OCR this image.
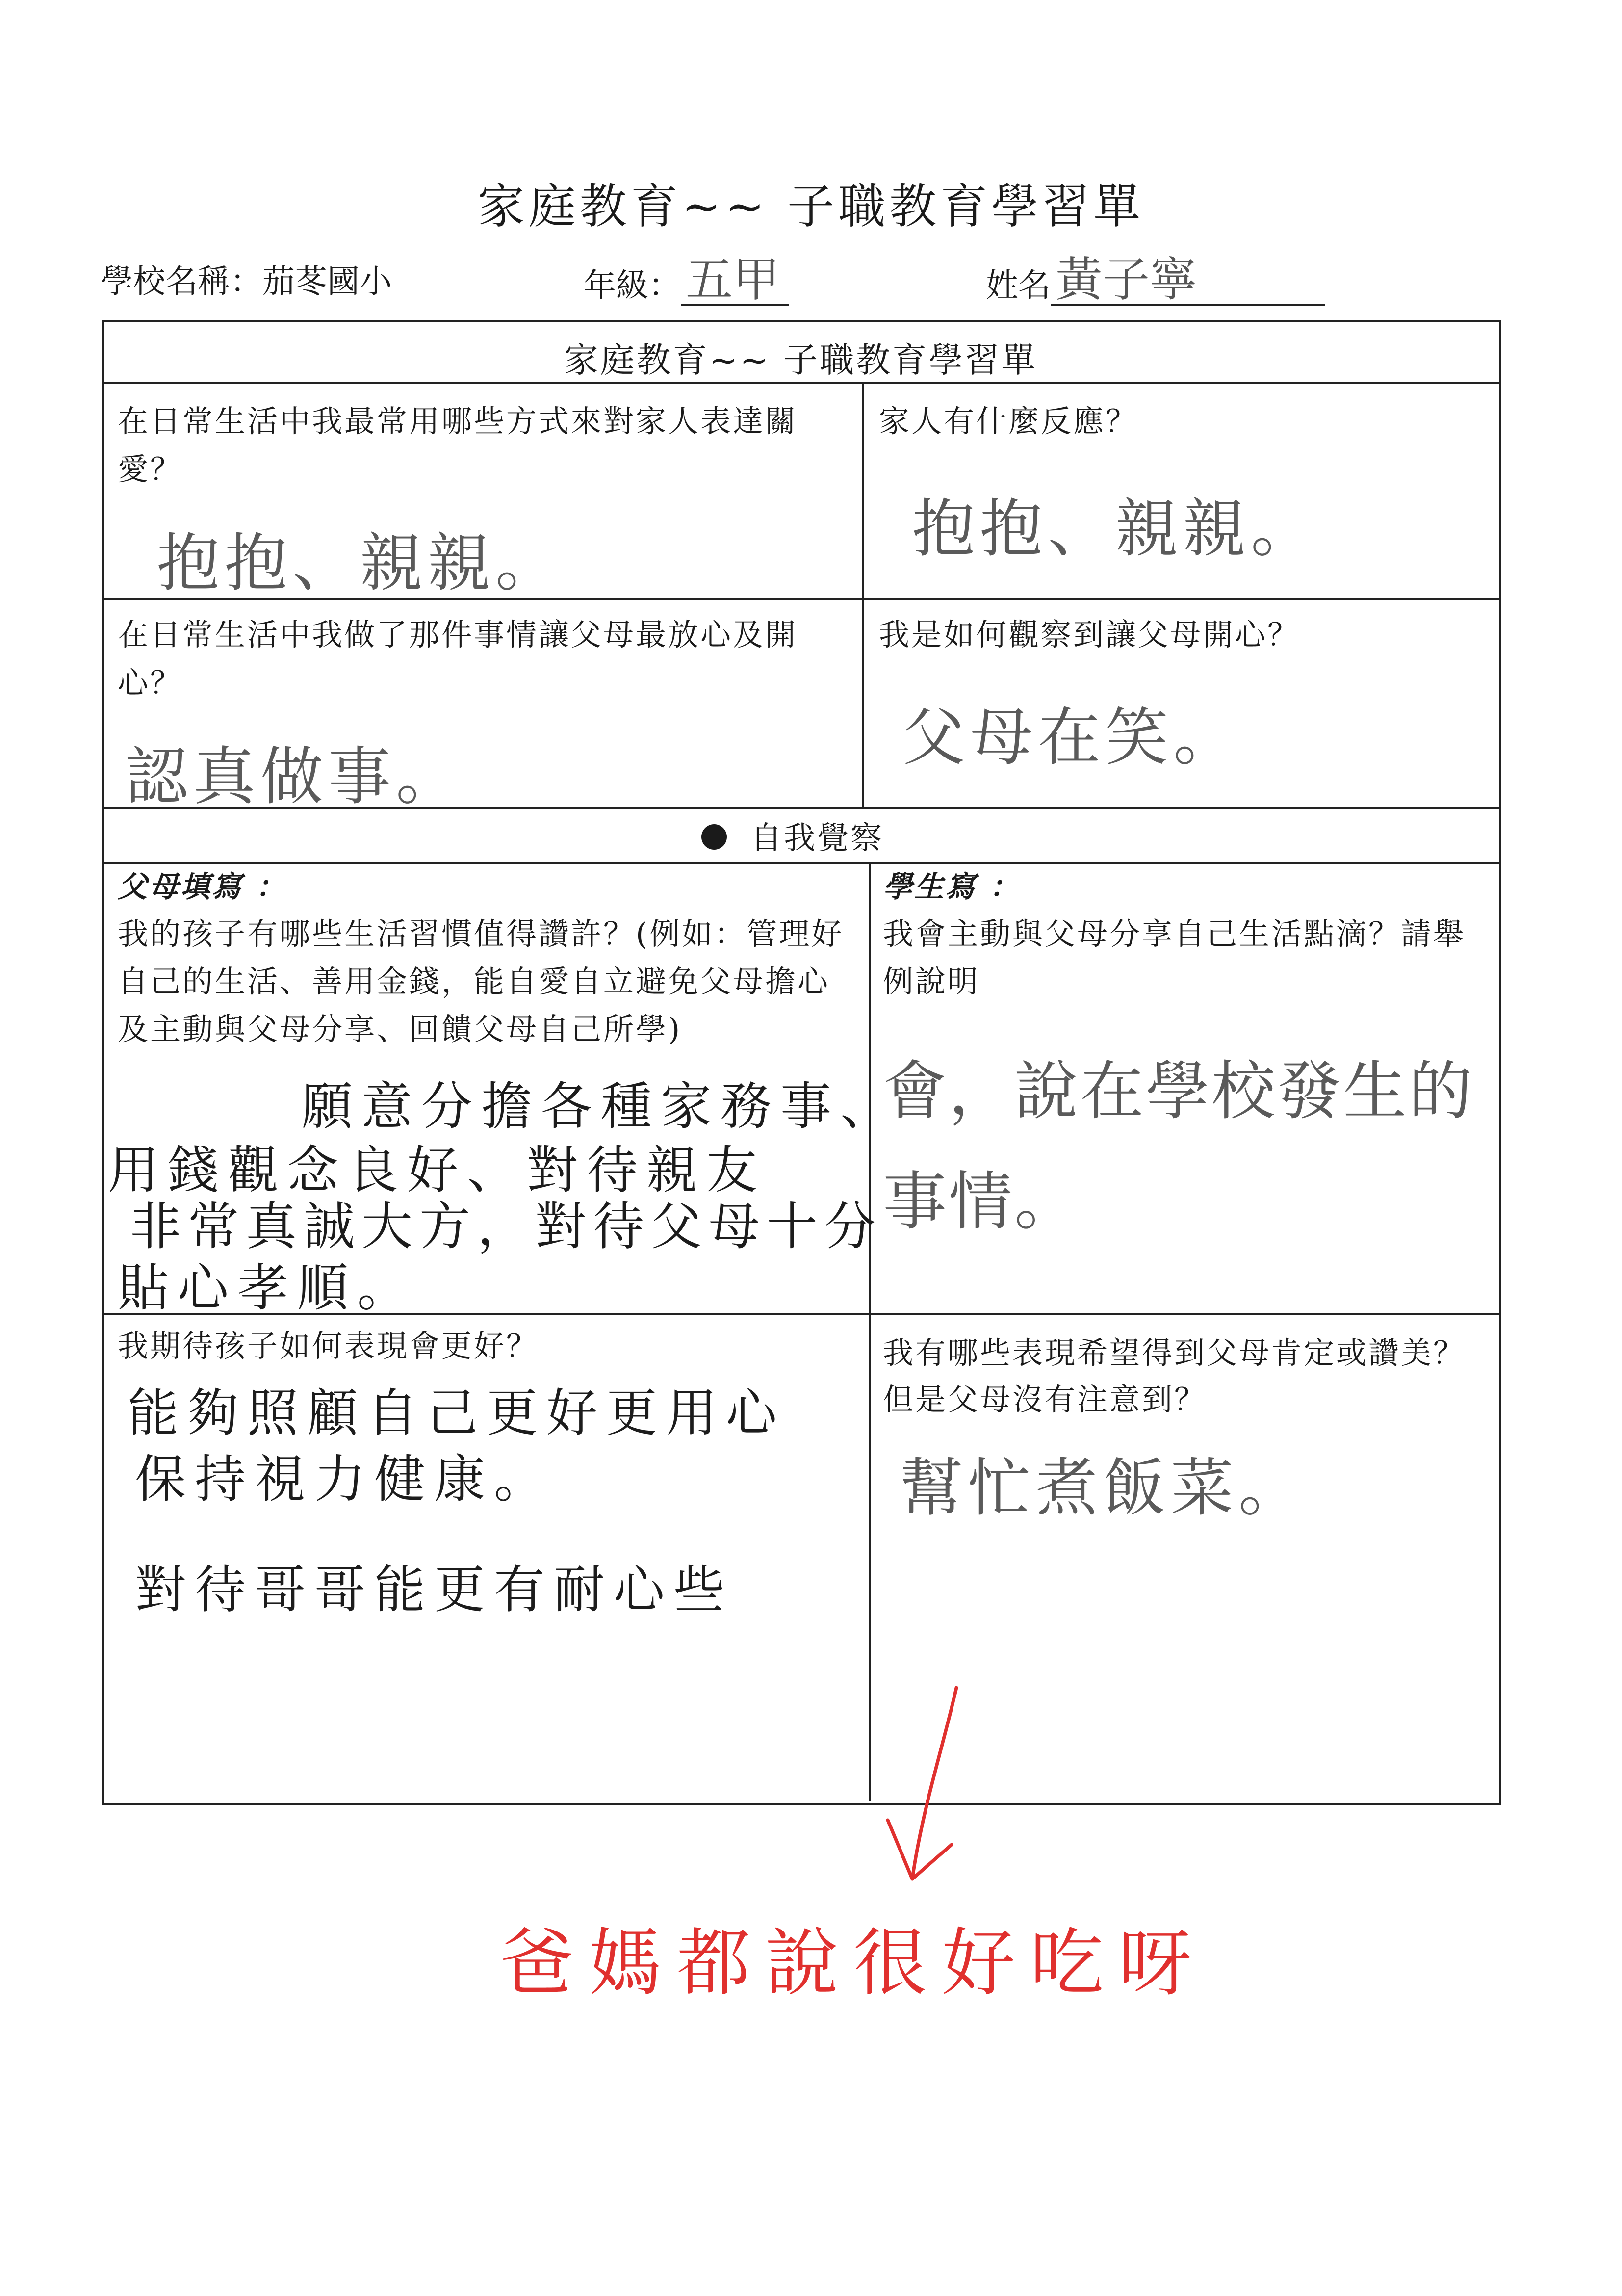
家庭教育~~ 子職教育學習單
學校名稱：茄苳國小	年級： 五甲	姓名 黃子寧
家庭教育~~ 子職教育學習單
在日常生活中我最常用哪些方式來對家人表達關愛？
抱抱、親親。
家人有什麼反應？
抱抱、親親。
在日常生活中我做了那件事情讓父母最放心及開心？
認真做事。
我是如何觀察到讓父母開心？
父母在笑。
自我覺察
父母填寫 ：
我的孩子有哪些生活習慣值得讚許？(例如：管理好自己的生活、善用金錢，能自愛自立避免父母擔心及主動與父母分享、回饋父母自己所學)
願意分擔各種家務事、
用錢觀念良好、對待親友
非常真誠大方，對待父母十分
貼心孝順。
學生寫 ：
我會主動與父母分享自己生活點滴？請舉例說明
會，說在學校發生的
事情。
我期待孩子如何表現會更好？
能夠照顧自己更好更用心
保持視力健康。
對待哥哥能更有耐心些
我有哪些表現希望得到父母肯定或讚美？但是父母沒有注意到？
幫忙煮飯菜。
爸媽都說很好吃呀
